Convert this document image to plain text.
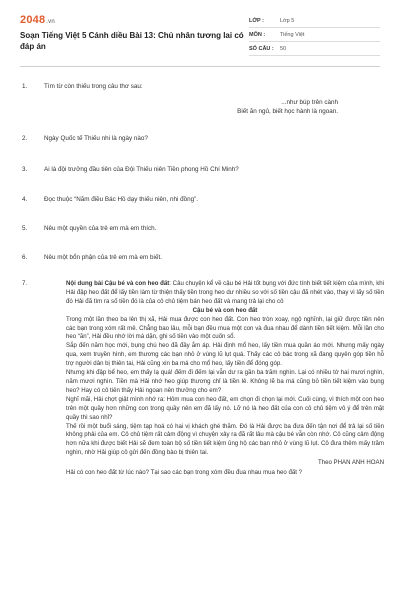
2048.vn
Soạn Tiếng Việt 5 Cánh diều Bài 13: Chủ nhân tương lai có đáp án
LỚP :	Lớp 5
MÔN :	Tiếng Việt
SỐ CÂU :	50
1.	Tìm từ còn thiếu trong câu thơ sau:
...như búp trên cành
Biết ăn ngủ, biết học hành là ngoan.
2.	Ngày Quốc tế Thiếu nhi là ngày nào?
3.	Ai là đội trưởng đầu tiên của Đội Thiếu niên Tiền phong Hồ Chí Minh?
4.	Đọc thuộc “Năm điều Bác Hồ dạy thiếu niên, nhi đồng”.
5.	Nêu một quyền của trẻ em mà em thích.
6.	Nêu một bổn phận của trẻ em mà em biết.
7.	Nội dung bài Cậu bé và con heo đất: Câu chuyện kể về cậu bé Hải tốt bụng với đức tính biết tiết kiệm của mình, khi Hải đập heo đất để lấy tiền làm từ thiện thấy tiền trong heo dư nhiều so với số tiền cậu đã nhét vào, thay vì lấy số tiền đó Hải đã tìm ra số tiền đó là của cô chủ tiệm bán heo đất và mang trả lại cho cô

Cậu bé và con heo đất

Trong một lần theo ba lên thị xã, Hải mua được con heo đất. Con heo tròn xoay, ngộ nghĩnh, lại giữ được tiền nên các bạn trong xóm rất mê. Chẳng bao lâu, mỗi bạn đều mua một con và đua nhau để dành tiền tiết kiệm. Mỗi lần cho heo “ăn”, Hải đều nhớ lời má dặn, ghi số tiền vào một cuốn sổ.

Sắp đến năm học mới, bụng chú heo đã đầy ắm áp. Hải định mổ heo, lấy tiền mua quần áo mới. Nhưng mấy ngày qua, xem truyền hình, em thương các bạn nhỏ ở vùng lũ lụt quá. Thấy các cô bác trong xã đang quyên góp tiền hỗ trợ người dân bị thiên tai, Hải cũng xin ba má cho mổ heo, lấy tiền để đóng góp.

Nhưng khi đập bể heo, em thấy lạ quá! đếm đi đếm lại vẫn dư ra gần ba trăm nghìn. Lại có nhiều tờ hai mươi nghìn, năm mươi nghìn. Tiền mà Hải nhớ heo giúp thương chỉ là tiền lẻ. Không lẽ ba má cũng bỏ tiền tiết kiệm vào bụng heo? Hay có cô tiên thấy Hải ngoan nên thưởng cho em?

Nghĩ mãi, Hải chợt giật mình nhớ ra: Hôm mua con heo đất, em chọn đi chọn lại mới. Cuối cùng, vì thích một con heo trên một quầy hơn những con trong quầy nên em đã lấy nó. Lỡ nó là heo đất của con cô chủ tiệm vô ý để trên mặt quầy thì sao nhỉ?

Thế rồi một buổi sáng, tiệm tạp hoá có hai vị khách ghé thăm. Đó là Hải được ba đưa đến tận nơi để trả lại số tiền không phải của em. Cô chủ tiệm rất cảm động vì chuyện xảy ra đã rất lâu mà cậu bé vẫn còn nhớ. Cô cũng cảm động hơn nữa khi được biết Hải sẽ đem toàn bộ số tiền tiết kiệm ủng hộ các bạn nhỏ ở vùng lũ lụt. Cô đưa thêm mấy trăm nghìn, nhờ Hải giúp cô gửi đến đồng bào bị thiên tai.

Theo PHAN ANH HOAN

Hải có con heo đất từ lúc nào? Tại sao các bạn trong xóm đều đua nhau mua heo đất ?
